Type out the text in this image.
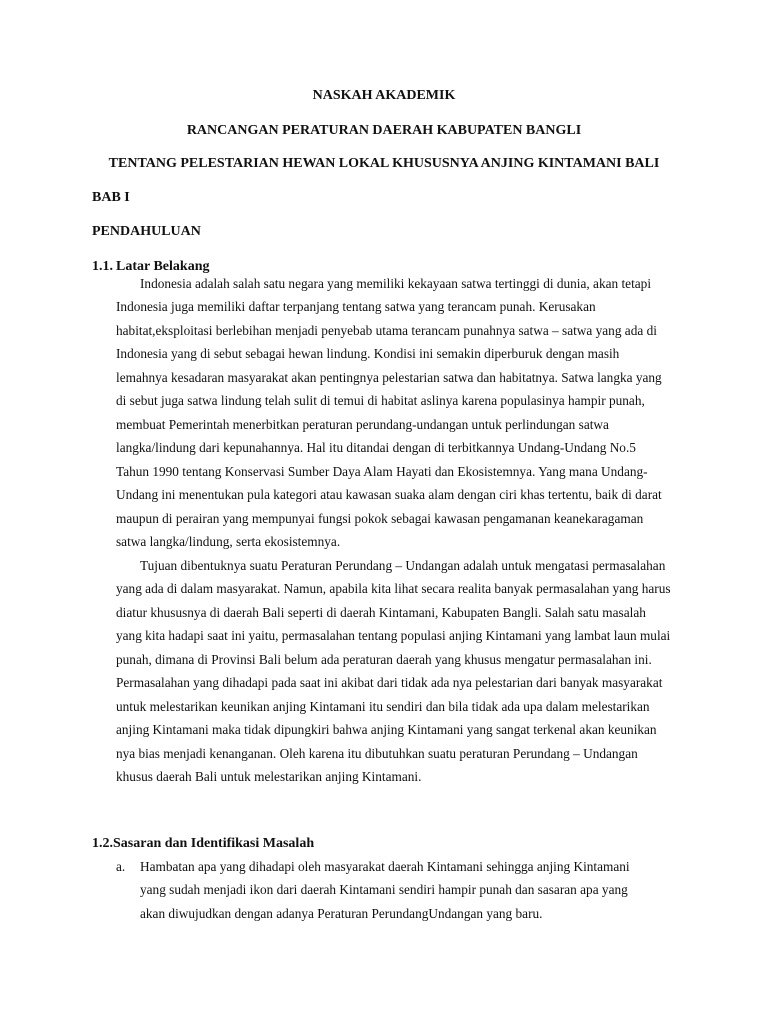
NASKAH AKADEMIK
RANCANGAN PERATURAN DAERAH KABUPATEN BANGLI
TENTANG PELESTARIAN HEWAN LOKAL KHUSUSNYA ANJING KINTAMANI BALI
BAB I
PENDAHULUAN
1.1. Latar Belakang

Indonesia adalah salah satu negara yang memiliki kekayaan satwa tertinggi di dunia, akan tetapi Indonesia juga memiliki daftar terpanjang tentang satwa yang terancam punah. Kerusakan habitat,eksploitasi berlebihan menjadi penyebab utama terancam punahnya satwa – satwa yang ada di Indonesia yang di sebut sebagai hewan lindung. Kondisi ini semakin diperburuk dengan masih lemahnya kesadaran masyarakat akan pentingnya pelestarian satwa dan habitatnya. Satwa langka yang di sebut juga satwa lindung telah sulit di temui di habitat aslinya karena populasinya hampir punah, membuat Pemerintah menerbitkan peraturan perundang-undangan untuk perlindungan satwa langka/lindung dari kepunahannya. Hal itu ditandai dengan di terbitkannya Undang-Undang No.5 Tahun 1990 tentang Konservasi Sumber Daya Alam Hayati dan Ekosistemnya. Yang mana Undang-Undang ini menentukan pula kategori atau kawasan suaka alam dengan ciri khas tertentu, baik di darat maupun di perairan yang mempunyai fungsi pokok sebagai kawasan pengamanan keanekaragaman satwa langka/lindung, serta ekosistemnya.

Tujuan dibentuknya suatu Peraturan Perundang – Undangan adalah untuk mengatasi permasalahan yang ada di dalam masyarakat. Namun, apabila kita lihat secara realita banyak permasalahan yang harus diatur khususnya di daerah Bali seperti di daerah Kintamani, Kabupaten Bangli. Salah satu masalah yang kita hadapi saat ini yaitu, permasalahan tentang populasi anjing Kintamani yang lambat laun mulai punah, dimana di Provinsi Bali belum ada peraturan daerah yang khusus mengatur permasalahan ini. Permasalahan yang dihadapi pada saat ini akibat dari tidak ada nya pelestarian dari banyak masyarakat untuk melestarikan keunikan anjing Kintamani itu sendiri dan bila tidak ada upa dalam melestarikan anjing Kintamani maka tidak dipungkiri bahwa anjing Kintamani yang sangat terkenal akan keunikan nya bias menjadi kenanganan. Oleh karena itu dibutuhkan suatu peraturan Perundang – Undangan khusus daerah Bali untuk melestarikan anjing Kintamani.

1.2.Sasaran dan Identifikasi Masalah
a. Hambatan apa yang dihadapi oleh masyarakat daerah Kintamani sehingga anjing Kintamani
yang sudah menjadi ikon dari daerah Kintamani sendiri hampir punah dan sasaran apa yang
akan diwujudkan dengan adanya Peraturan PerundangUndangan yang baru.
